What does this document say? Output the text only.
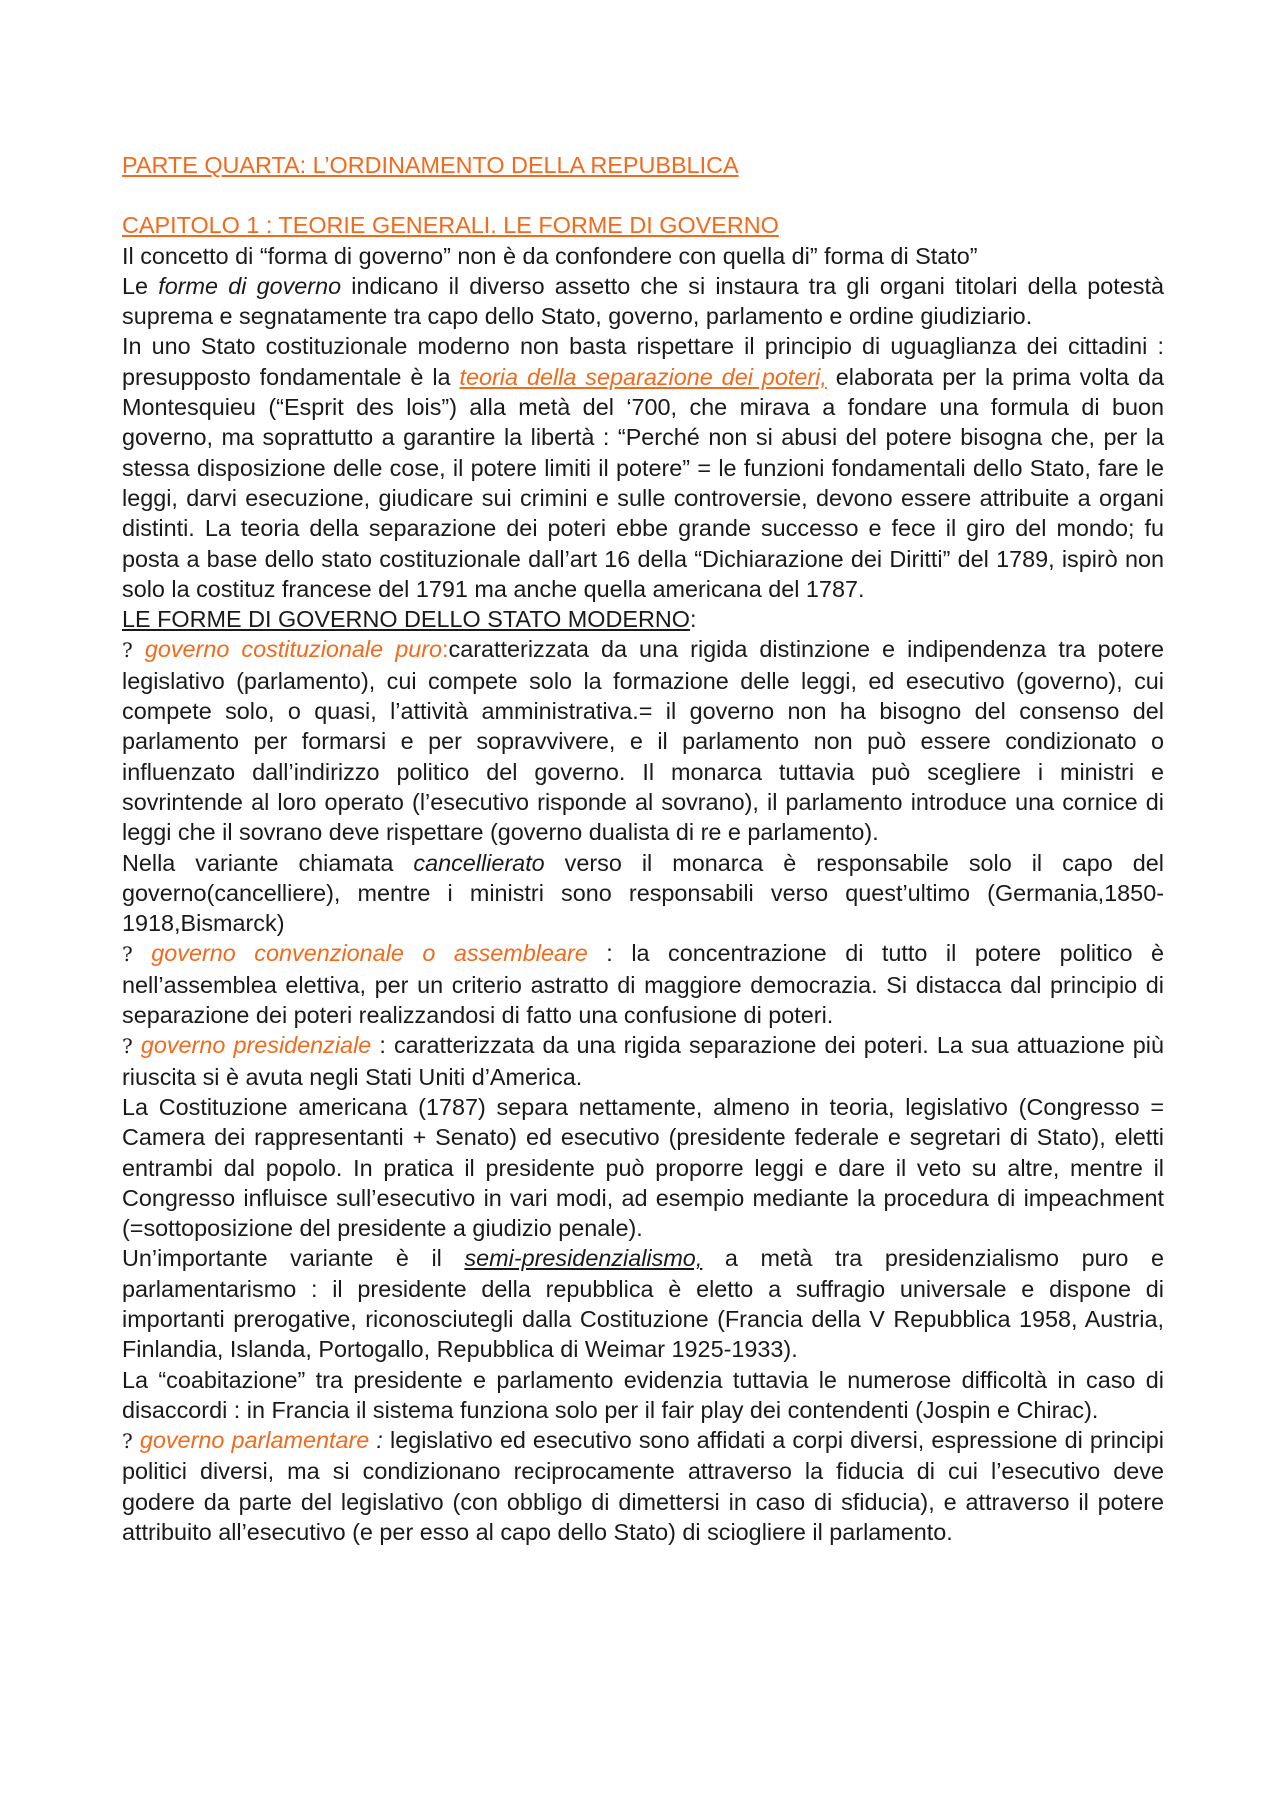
PARTE QUARTA: L’ORDINAMENTO DELLA REPUBBLICA

CAPITOLO 1 : TEORIE GENERALI. LE FORME DI GOVERNO

Il concetto di “forma di governo” non è da confondere con quella di” forma di Stato”

Le forme di governo indicano il diverso assetto che si instaura tra gli organi titolari della potestà suprema e segnatamente tra capo dello Stato, governo, parlamento e ordine giudiziario.

In uno Stato costituzionale moderno non basta rispettare il principio di uguaglianza dei cittadini : presupposto fondamentale è la teoria della separazione dei poteri, elaborata per la prima volta da Montesquieu (“Esprit des lois”) alla metà del ‘700, che mirava a fondare una formula di buon governo, ma soprattutto a garantire la libertà : “Perché non si abusi del potere bisogna che, per la stessa disposizione delle cose, il potere limiti il potere” = le funzioni fondamentali dello Stato, fare le leggi, darvi esecuzione, giudicare sui crimini e sulle controversie, devono essere attribuite a organi distinti. La teoria della separazione dei poteri ebbe grande successo e fece il giro del mondo; fu posta a base dello stato costituzionale dall’art 16 della “Dichiarazione dei Diritti” del 1789, ispirò non solo la costituz francese del 1791 ma anche quella americana del 1787.

LE FORME DI GOVERNO DELLO STATO MODERNO:

? governo costituzionale puro:caratterizzata da una rigida distinzione e indipendenza tra potere legislativo (parlamento), cui compete solo la formazione delle leggi, ed esecutivo (governo), cui compete solo, o quasi, l’attività amministrativa.= il governo non ha bisogno del consenso del parlamento per formarsi e per sopravvivere, e il parlamento non può essere condizionato o influenzato dall’indirizzo politico del governo. Il monarca tuttavia può scegliere i ministri e sovrintende al loro operato (l’esecutivo risponde al sovrano), il parlamento introduce una cornice di leggi che il sovrano deve rispettare (governo dualista di re e parlamento).

Nella variante chiamata cancellierato verso il monarca è responsabile solo il capo del governo(cancelliere), mentre i ministri sono responsabili verso quest’ultimo (Germania,1850-1918,Bismarck)

? governo convenzionale o assembleare : la concentrazione di tutto il potere politico è nell’assemblea elettiva, per un criterio astratto di maggiore democrazia. Si distacca dal principio di separazione dei poteri realizzandosi di fatto una confusione di poteri.

? governo presidenziale : caratterizzata da una rigida separazione dei poteri. La sua attuazione più riuscita si è avuta negli Stati Uniti d’America.

La Costituzione americana (1787) separa nettamente, almeno in teoria, legislativo (Congresso = Camera dei rappresentanti + Senato) ed esecutivo (presidente federale e segretari di Stato), eletti entrambi dal popolo. In pratica il presidente può proporre leggi e dare il veto su altre, mentre il Congresso influisce sull’esecutivo in vari modi, ad esempio mediante la procedura di impeachment (=sottoposizione del presidente a giudizio penale).

Un’importante variante è il semi-presidenzialismo, a metà tra presidenzialismo puro e parlamentarismo : il presidente della repubblica è eletto a suffragio universale e dispone di importanti prerogative, riconosciutegli dalla Costituzione (Francia della V Repubblica 1958, Austria, Finlandia, Islanda, Portogallo, Repubblica di Weimar 1925-1933).

La “coabitazione” tra presidente e parlamento evidenzia tuttavia le numerose difficoltà in caso di disaccordi : in Francia il sistema funziona solo per il fair play dei contendenti (Jospin e Chirac).

? governo parlamentare : legislativo ed esecutivo sono affidati a corpi diversi, espressione di principi politici diversi, ma si condizionano reciprocamente attraverso la fiducia di cui l’esecutivo deve godere da parte del legislativo (con obbligo di dimettersi in caso di sfiducia), e attraverso il potere attribuito all’esecutivo (e per esso al capo dello Stato) di sciogliere il parlamento.
